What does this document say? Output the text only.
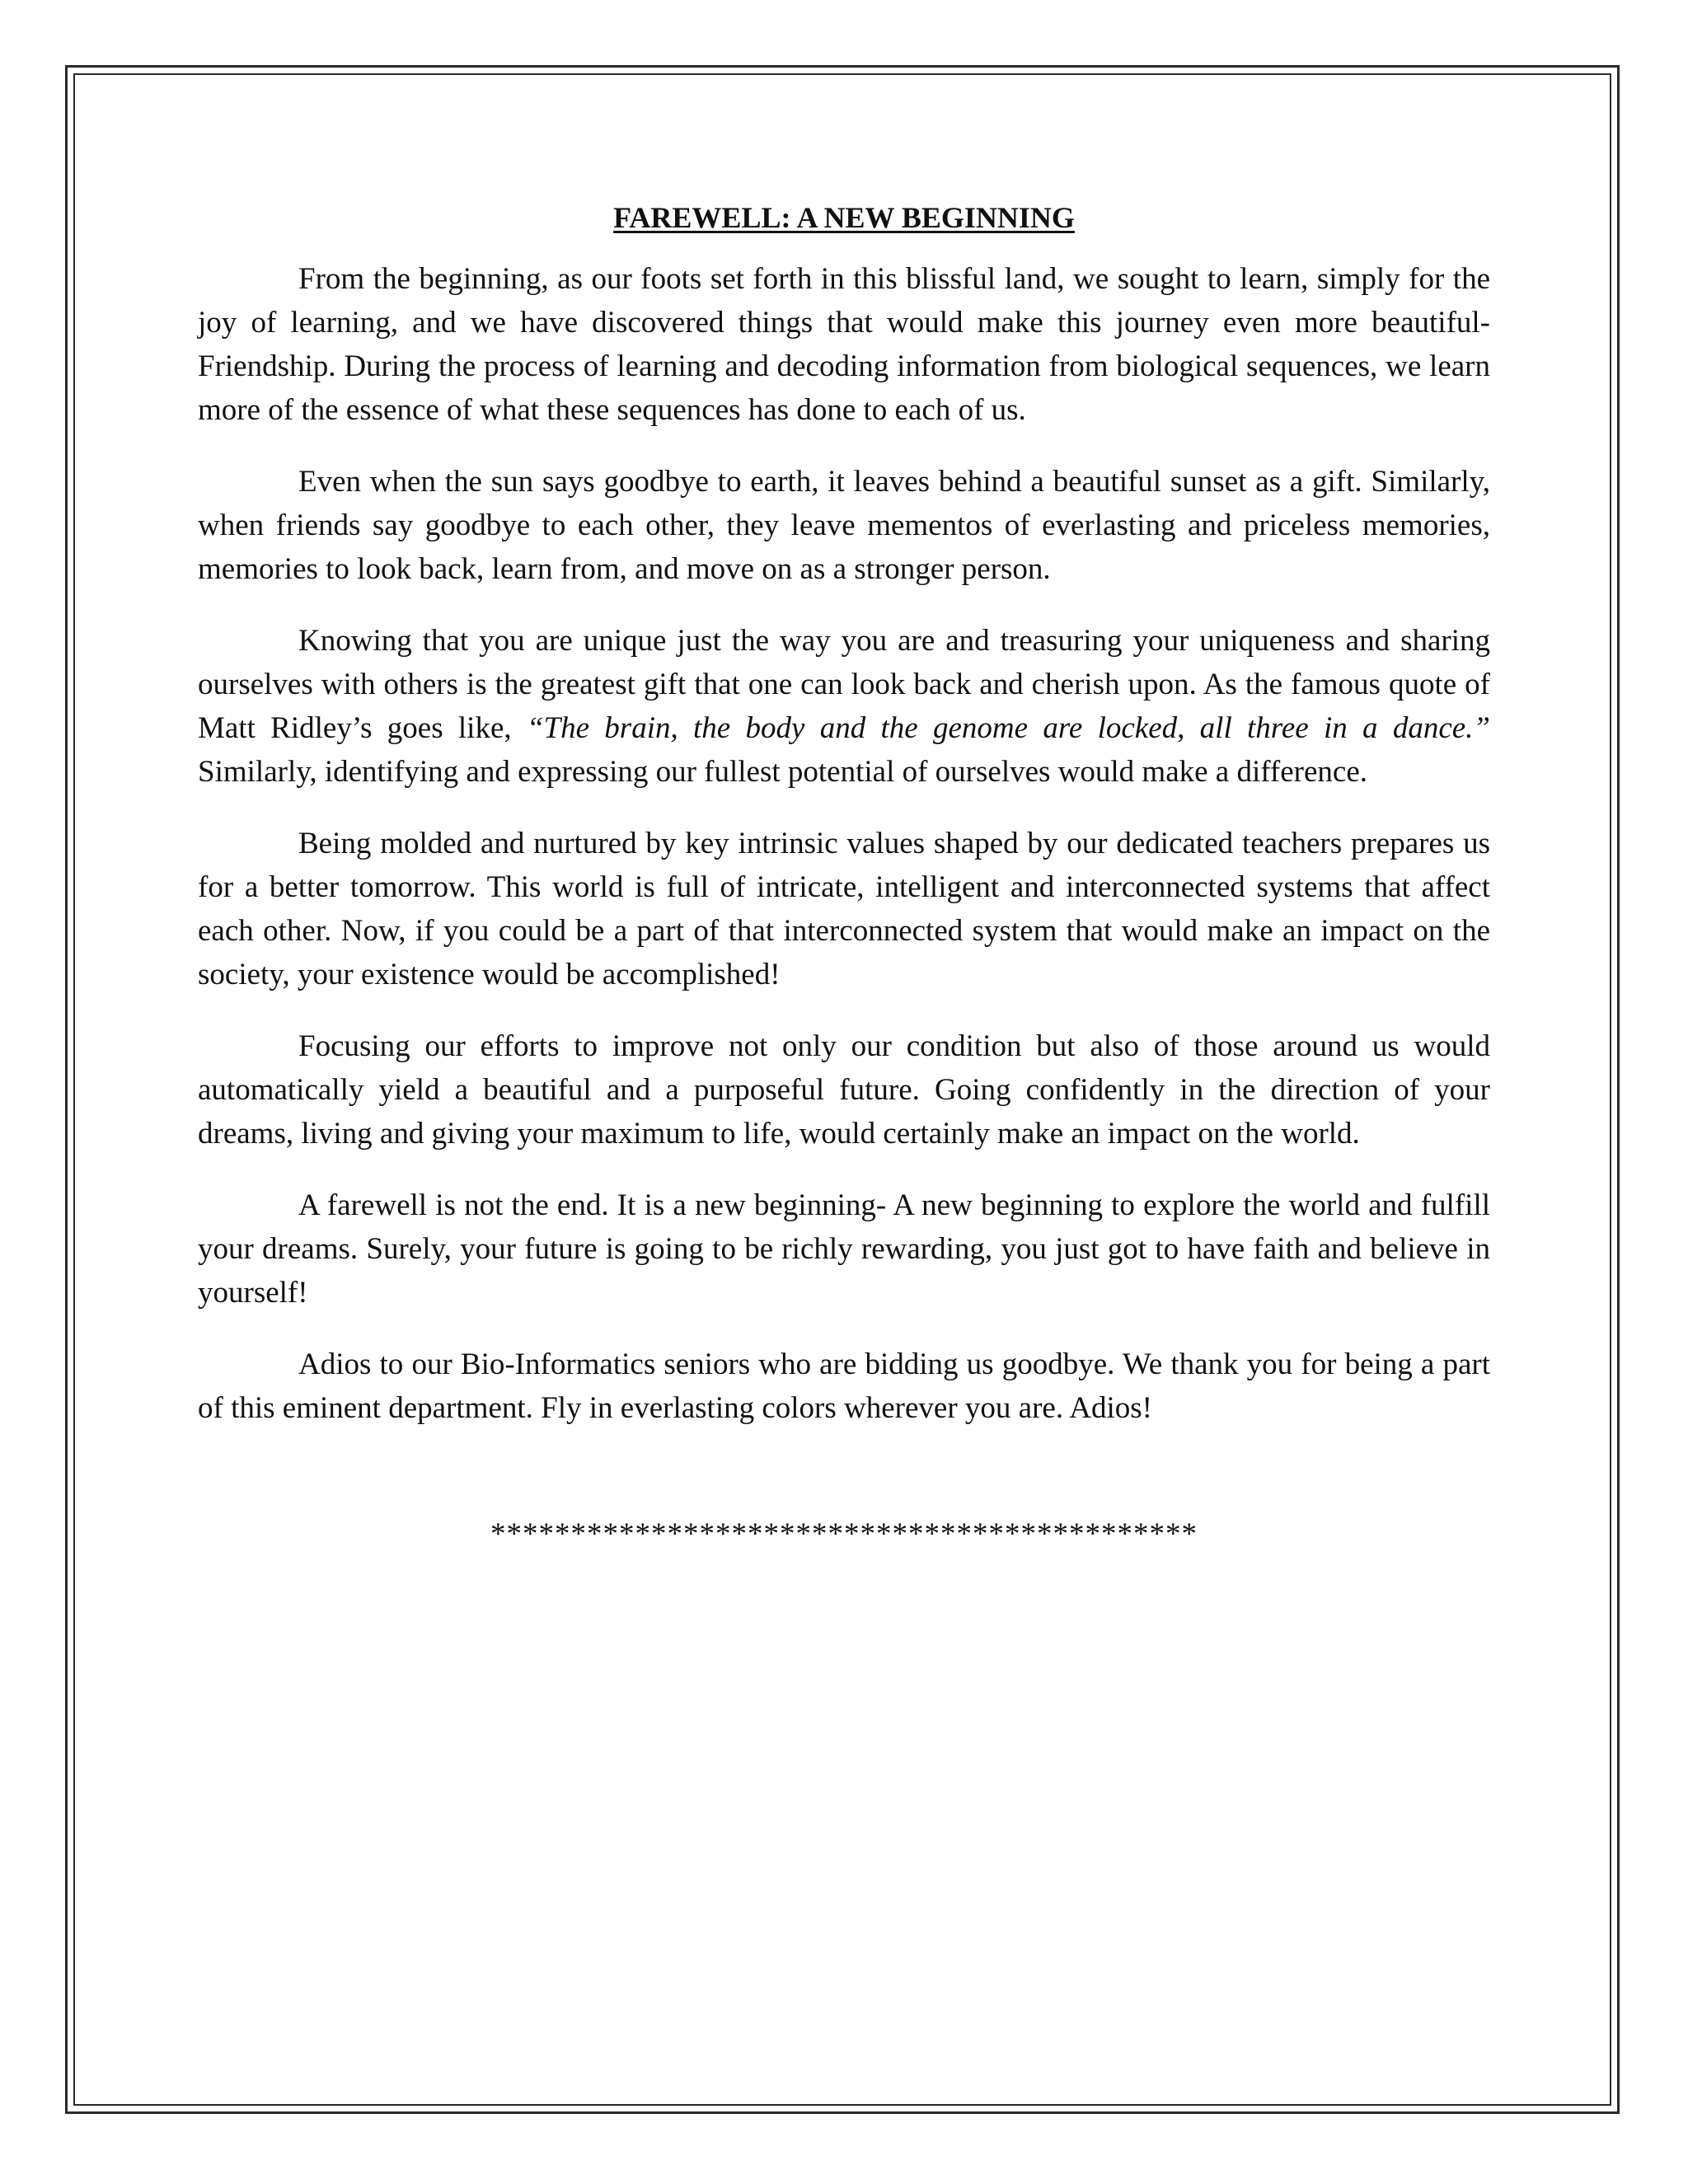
FAREWELL: A NEW BEGINNING

From the beginning, as our foots set forth in this blissful land, we sought to learn, simply for the joy of learning, and we have discovered things that would make this journey even more beautiful- Friendship. During the process of learning and decoding information from biological sequences, we learn more of the essence of what these sequences has done to each of us.

Even when the sun says goodbye to earth, it leaves behind a beautiful sunset as a gift. Similarly, when friends say goodbye to each other, they leave mementos of everlasting and priceless memories, memories to look back, learn from, and move on as a stronger person.

Knowing that you are unique just the way you are and treasuring your uniqueness and sharing ourselves with others is the greatest gift that one can look back and cherish upon. As the famous quote of Matt Ridley’s goes like, “The brain, the body and the genome are locked, all three in a dance.” Similarly, identifying and expressing our fullest potential of ourselves would make a difference.

Being molded and nurtured by key intrinsic values shaped by our dedicated teachers prepares us for a better tomorrow. This world is full of intricate, intelligent and interconnected systems that affect each other. Now, if you could be a part of that interconnected system that would make an impact on the society, your existence would be accomplished!

Focusing our efforts to improve not only our condition but also of those around us would automatically yield a beautiful and a purposeful future. Going confidently in the direction of your dreams, living and giving your maximum to life, would certainly make an impact on the world.

A farewell is not the end. It is a new beginning- A new beginning to explore the world and fulfill your dreams. Surely, your future is going to be richly rewarding, you just got to have faith and believe in yourself!

Adios to our Bio-Informatics seniors who are bidding us goodbye. We thank you for being a part of this eminent department. Fly in everlasting colors wherever you are. Adios!

********************************************
